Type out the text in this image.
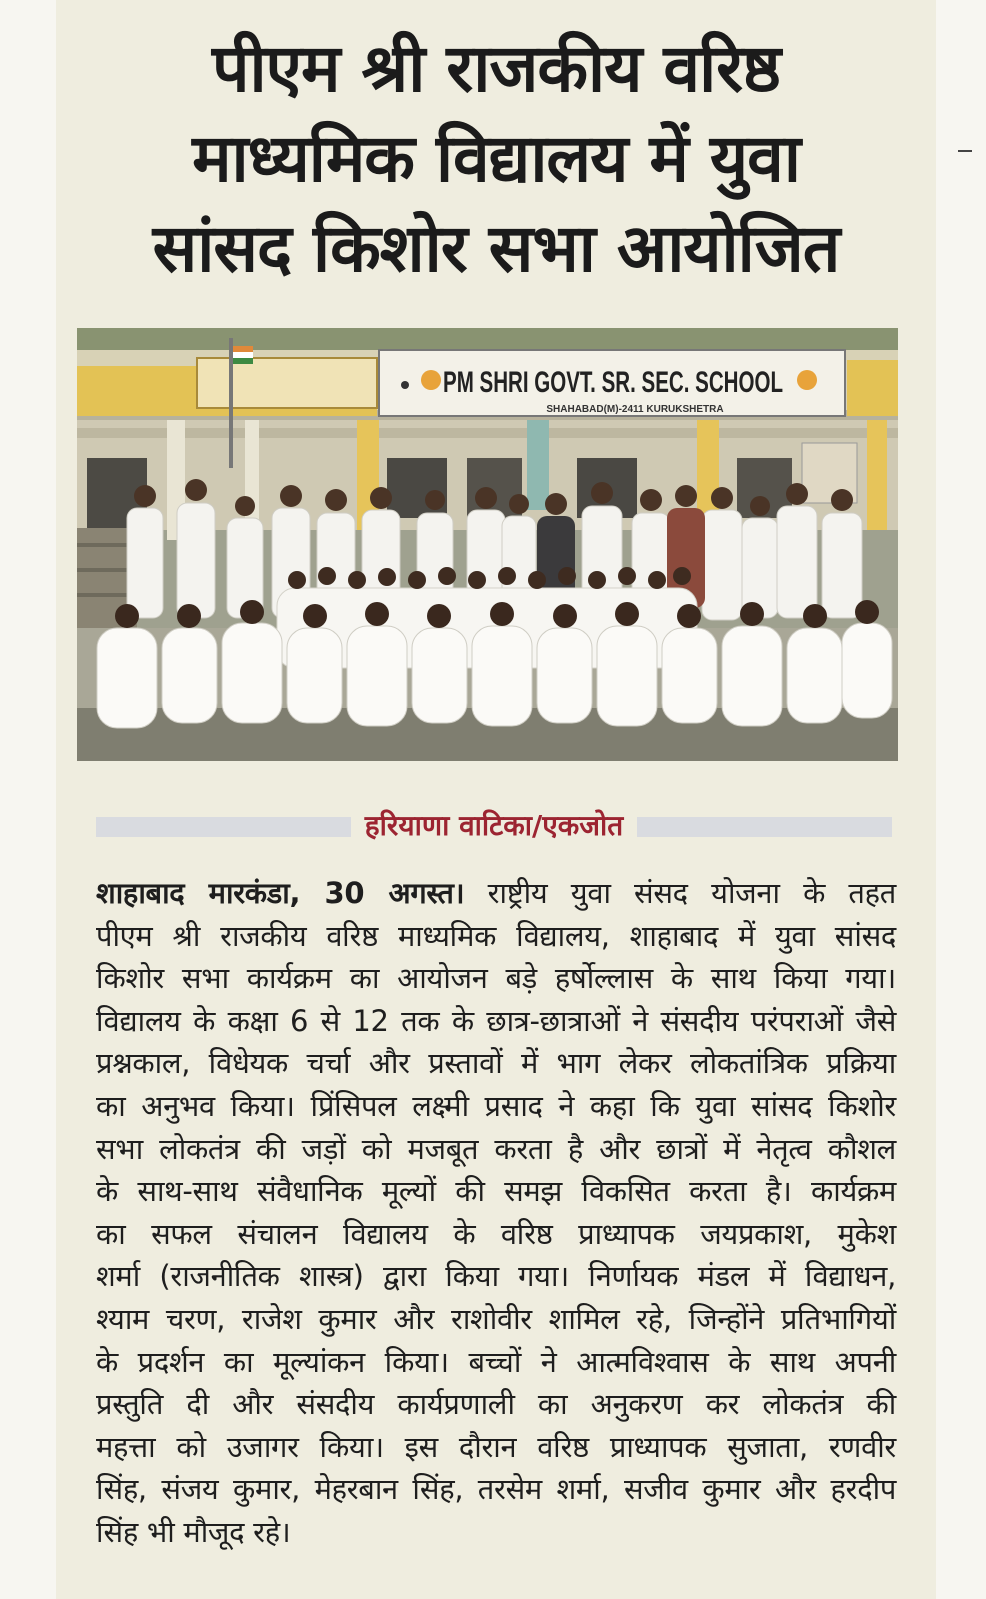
पीएम श्री राजकीय वरिष्ठ
माध्यमिक विद्यालय में युवा
सांसद किशोर सभा आयोजित
PM SHRI GOVT. SR. SEC. SCHOOL
SHAHABAD(M)-2411 KURUKSHETRA
हरियाणा वाटिका/एकजोत
शाहाबाद मारकंडा, 30 अगस्त। राष्ट्रीय युवा संसद योजना के तहत
पीएम श्री राजकीय वरिष्ठ माध्यमिक विद्यालय, शाहाबाद में युवा सांसद
किशोर सभा कार्यक्रम का आयोजन बड़े हर्षोल्लास के साथ किया गया।
विद्यालय के कक्षा 6 से 12 तक के छात्र-छात्राओं ने संसदीय परंपराओं जैसे
प्रश्नकाल, विधेयक चर्चा और प्रस्तावों में भाग लेकर लोकतांत्रिक प्रक्रिया
का अनुभव किया। प्रिंसिपल लक्ष्मी प्रसाद ने कहा कि युवा सांसद किशोर
सभा लोकतंत्र की जड़ों को मजबूत करता है और छात्रों में नेतृत्व कौशल
के साथ-साथ संवैधानिक मूल्यों की समझ विकसित करता है। कार्यक्रम
का सफल संचालन विद्यालय के वरिष्ठ प्राध्यापक जयप्रकाश, मुकेश
शर्मा (राजनीतिक शास्त्र) द्वारा किया गया। निर्णायक मंडल में विद्याधन,
श्याम चरण, राजेश कुमार और राशोवीर शामिल रहे, जिन्होंने प्रतिभागियों
के प्रदर्शन का मूल्यांकन किया। बच्चों ने आत्मविश्वास के साथ अपनी
प्रस्तुति दी और संसदीय कार्यप्रणाली का अनुकरण कर लोकतंत्र की
महत्ता को उजागर किया। इस दौरान वरिष्ठ प्राध्यापक सुजाता, रणवीर
सिंह, संजय कुमार, मेहरबान सिंह, तरसेम शर्मा, सजीव कुमार और हरदीप
सिंह भी मौजूद रहे।
